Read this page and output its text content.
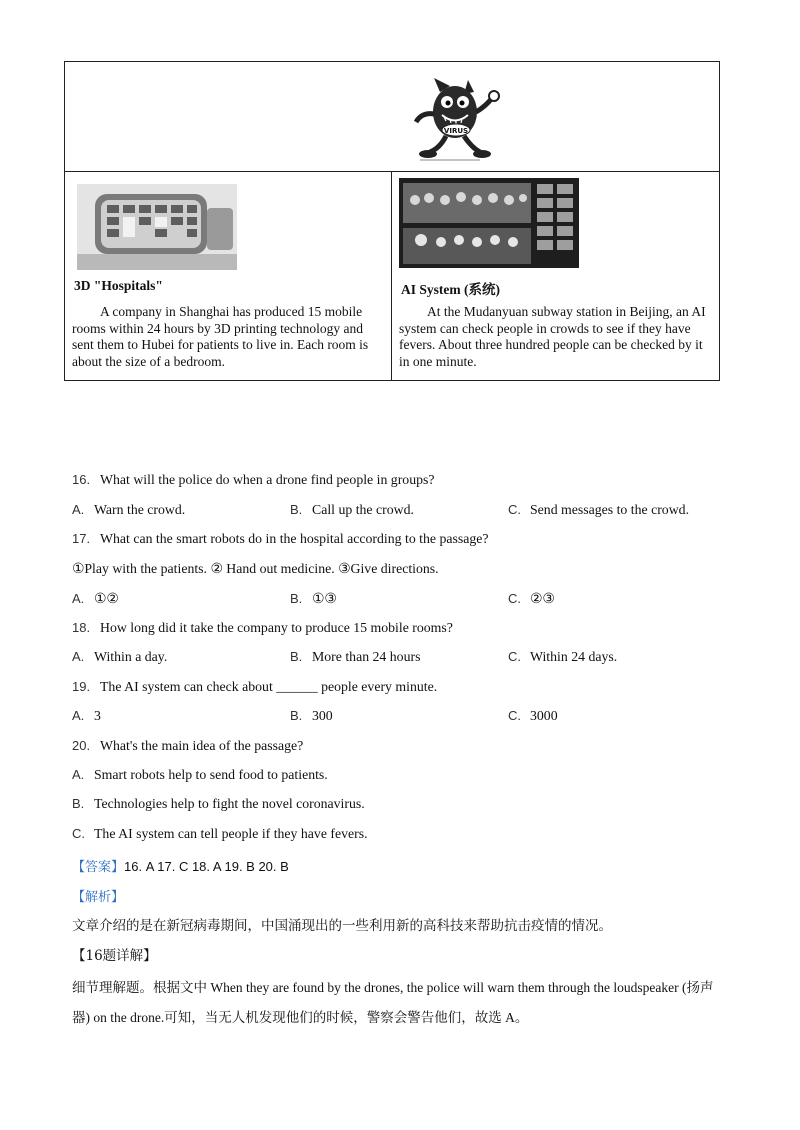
VIRUS
3D "Hospitals"

A company in Shanghai has produced 15 mobile rooms within 24 hours by 3D printing technology and sent them to Hubei for patients to live in. Each room is about the size of a bedroom.

AI System (系统)

At the Mudanyuan subway station in Beijing, an AI system can check people in crowds to see if they have fevers. About three hundred people can be checked by it in one minute.

16. What will the police do when a drone find people in groups?
A. Warn the crowd.	B. Call up the crowd.	C. Send messages to the crowd.
17. What can the smart robots do in the hospital according to the passage?
①Play with the patients. ② Hand out medicine. ③Give directions.
A. ①②	B. ①③	C. ②③
18. How long did it take the company to produce 15 mobile rooms?
A. Within a day.	B. More than 24 hours	C. Within 24 days.
19. The AI system can check about ______ people every minute.
A. 3	B. 300	C. 3000
20. What's the main idea of the passage?
A. Smart robots help to send food to patients.
B. Technologies help to fight the novel coronavirus.
C. The AI system can tell people if they have fevers.
【答案】16. A 17. C 18. A 19. B 20. B
【解析】
文章介绍的是在新冠病毒期间，中国涌现出的一些利用新的高科技来帮助抗击疫情的情况。
【16题详解】

细节理解题。根据文中 When they are found by the drones, the police will warn them through the loudspeaker (扬声器) on the drone.可知，当无人机发现他们的时候，警察会警告他们，故选 A。
